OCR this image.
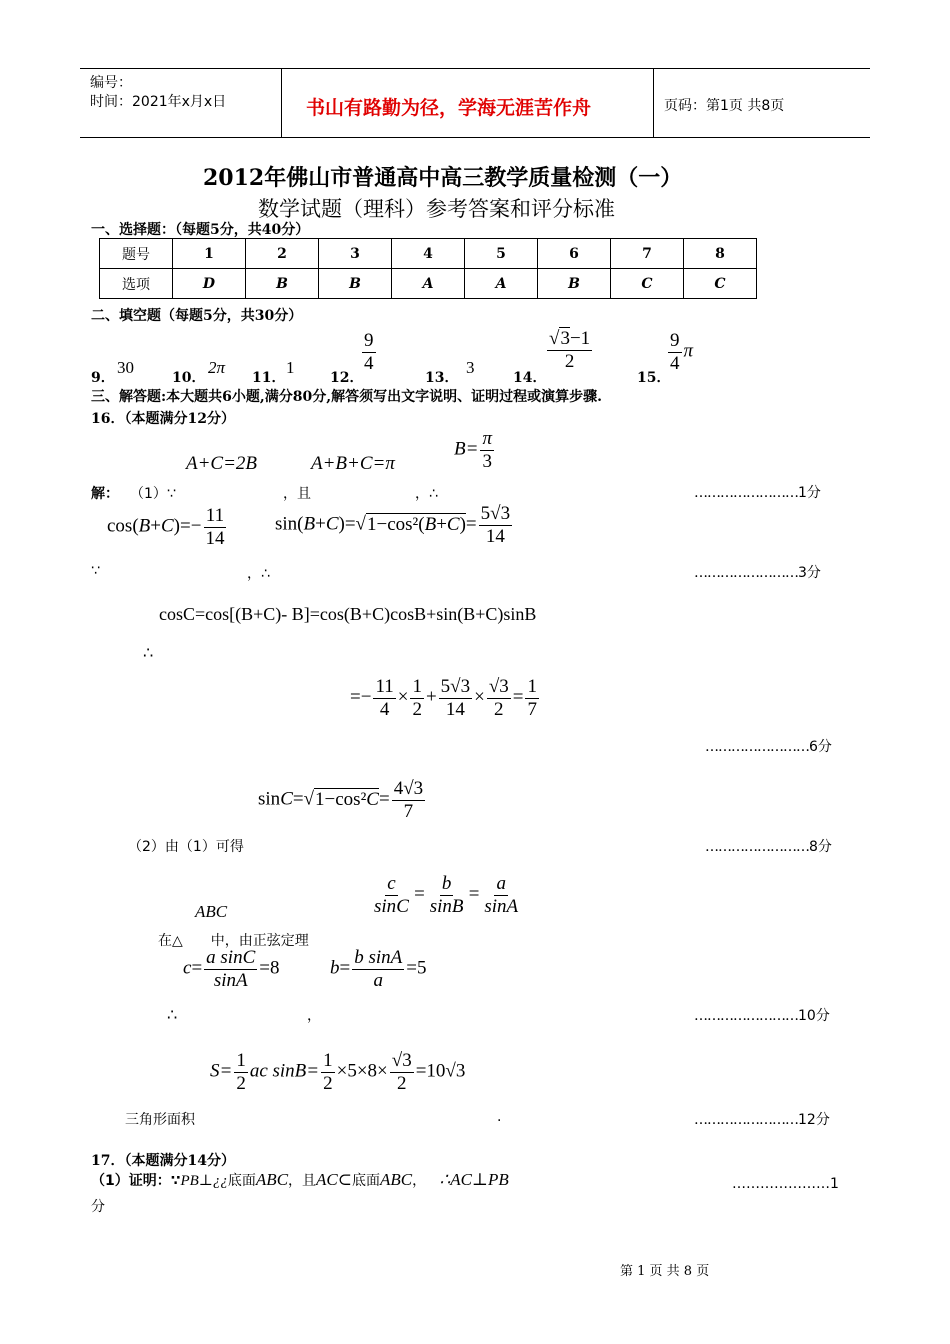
编号：
时间：2021年x月x日	书山有路勤为径，学海无涯苦作舟	页码：第1页 共8页
2012年佛山市普通高中高三教学质量检测（一）
数学试题（理科）参考答案和评分标准
一、选择题：（每题5分，共40分）
题号	1	2	3	4	5	6	7	8
选项	D	B	B	A	A	B	C	C
二、填空题（每题5分，共30分）
9．
30
10．
2π
11．
1
12．
$\frac{9}{4}$
13．
3
14．
$\frac{√3-1}{2}$
15．
$\frac{9}{4}$ π
三、解答题:本大题共6小题,满分80分,解答须写出文字说明、证明过程或演算步骤.
16．（本题满分12分）
A+C=2B	A+B+C=π
$B= \frac{\pi}{3}$
解： （1）∵	，且	，∴	……………………1分
$\cos(B+C)=- \frac{11}{14}$	$\sin(B+C)=√1-\cos^2(B+C)= \frac{5√3}{14}$
∵	，∴	……………………3分
cosC=cos[(B+C)- B]=cos(B+C)cosB+sin(B+C)sinB
∴
=− $\frac{11}{4} \times \frac{1}{2} + \frac{5√3}{14} \times \frac{√3}{2} = \frac{1}{7}$
……………………6分
$\sin C=√1-\cos^2C= \frac{4√3}{7}$
（2）由（1）可得	……………………8分
$\frac{c}{\sin C} = \frac{b}{\sin B} = \frac{a}{\sin A}$
ABC
在△　　中，由正弦定理
$c= \frac{\text{a sinC}}{\sin A} =8$	$b= \frac{\text{b sinA}}{a} =5$
∴	，	……………………10分
$S= \frac{1}{2}$ ac $\sin B= \frac{1}{2} \times 5\times 8\times \frac{√3}{2} =10√3$
三角形面积	.	……………………12分
17．（本题满分14分）
（1）证明：∵PB⊥¿¿底面ABC，且AC⊂底面ABC， ∴AC⊥PB	…………………1
分
第 1 页 共 8 页
